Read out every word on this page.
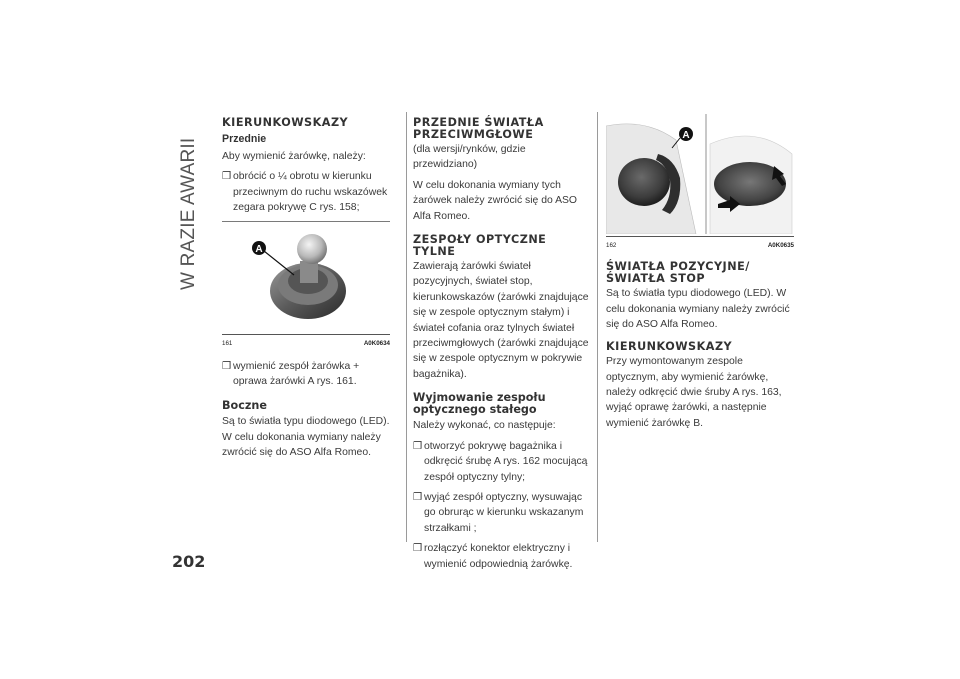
W RAZIE AWARII
KIERUNKOWSKAZY
Przednie

Aby wymienić żarówkę, należy:

❒ obrócić o ¼ obrotu w kierunku przeciwnym do ruchu wskazówek zegara pokrywę C rys. 158;
A
161	A0K0634
❒ wymienić zespół żarówka + oprawa żarówki A rys. 161.
Boczne

Są to światła typu diodowego (LED). W celu dokonania wymiany należy zwrócić się do ASO Alfa Romeo.

PRZEDNIE ŚWIATŁA PRZECIWMGŁOWE

(dla wersji/rynków, gdzie przewidziano)

W celu dokonania wymiany tych żarówek należy zwrócić się do ASO Alfa Romeo.

ZESPOŁY OPTYCZNE TYLNE

Zawierają żarówki świateł pozycyjnych, świateł stop, kierunkowskazów (żarówki znajdujące się w zespole optycznym stałym) i świateł cofania oraz tylnych świateł przeciwmgłowych (żarówki znajdujące się w zespole optycznym w pokrywie bagażnika).

Wyjmowanie zespołu optycznego stałego

Należy wykonać, co następuje:

❒ otworzyć pokrywę bagażnika i odkręcić śrubę A rys. 162 mocującą zespół optyczny tylny;
❒ wyjąć zespół optyczny, wysuwając go obrurąc w kierunku wskazanym strzałkami ;
❒ rozłączyć konektor elektryczny i wymienić odpowiednią żarówkę.
A
162	A0K0635
ŚWIATŁA POZYCYJNE/ ŚWIATŁA STOP

Są to światła typu diodowego (LED). W celu dokonania wymiany należy zwrócić się do ASO Alfa Romeo.

KIERUNKOWSKAZY

Przy wymontowanym zespole optycznym, aby wymienić żarówkę, należy odkręcić dwie śruby A rys. 163, wyjąć oprawę żarówki, a następnie wymienić żarówkę B.

202
